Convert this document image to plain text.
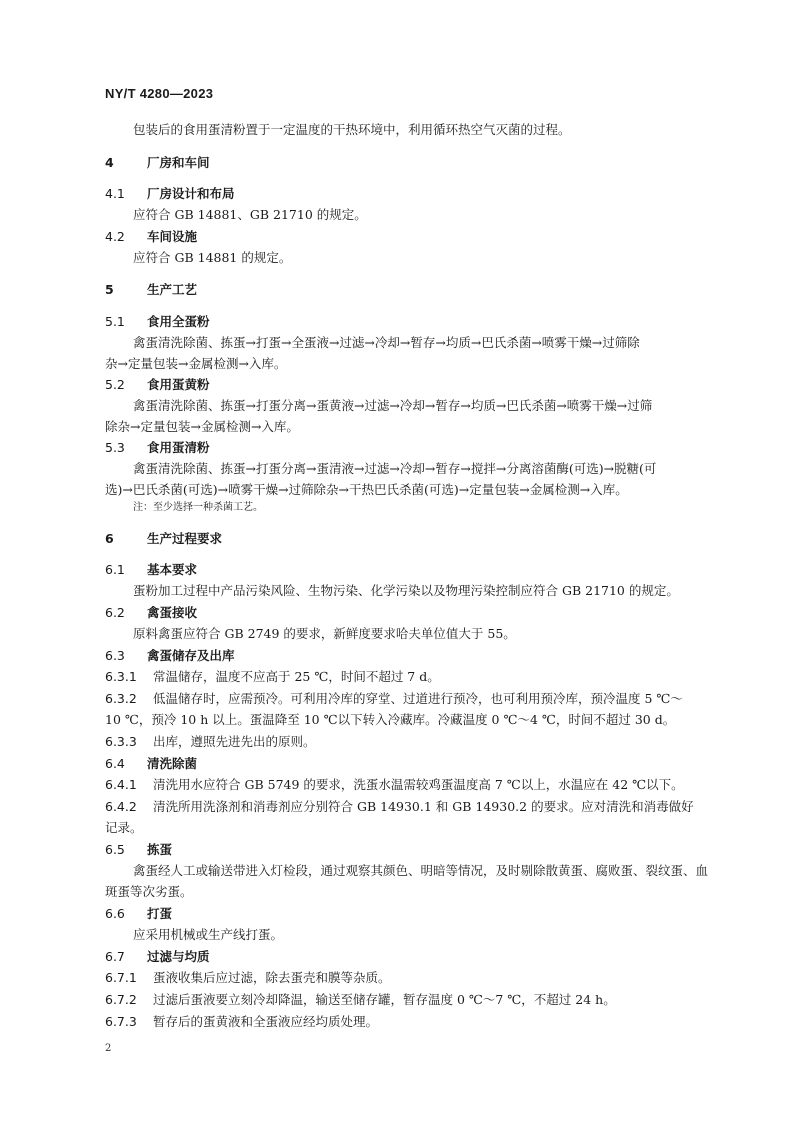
NY/T 4280—2023
包装后的食用蛋清粉置于一定温度的干热环境中，利用循环热空气灭菌的过程。
4	厂房和车间
4.1 厂房设计和布局
应符合 GB 14881、GB 21710 的规定。
4.2 车间设施
应符合 GB 14881 的规定。
5	生产工艺
5.1 食用全蛋粉
禽蛋清洗除菌、拣蛋→打蛋→全蛋液→过滤→冷却→暂存→均质→巴氏杀菌→喷雾干燥→过筛除
杂→定量包装→金属检测→入库。
5.2 食用蛋黄粉
禽蛋清洗除菌、拣蛋→打蛋分离→蛋黄液→过滤→冷却→暂存→均质→巴氏杀菌→喷雾干燥→过筛
除杂→定量包装→金属检测→入库。
5.3 食用蛋清粉
禽蛋清洗除菌、拣蛋→打蛋分离→蛋清液→过滤→冷却→暂存→搅拌→分离溶菌酶(可选)→脱糖(可
选)→巴氏杀菌(可选)→喷雾干燥→过筛除杂→干热巴氏杀菌(可选)→定量包装→金属检测→入库。
注：至少选择一种杀菌工艺。
6	生产过程要求
6.1 基本要求
蛋粉加工过程中产品污染风险、生物污染、化学污染以及物理污染控制应符合 GB 21710 的规定。
6.2 禽蛋接收
原料禽蛋应符合 GB 2749 的要求，新鲜度要求哈夫单位值大于 55。
6.3 禽蛋储存及出库
6.3.1 常温储存，温度不应高于 25 ℃，时间不超过 7 d。
6.3.2 低温储存时，应需预冷。可利用冷库的穿堂、过道进行预冷，也可利用预冷库，预冷温度 5 ℃～
10 ℃，预冷 10 h 以上。蛋温降至 10 ℃以下转入冷藏库。冷藏温度 0 ℃～4 ℃，时间不超过 30 d。
6.3.3 出库，遵照先进先出的原则。
6.4 清洗除菌
6.4.1 清洗用水应符合 GB 5749 的要求，洗蛋水温需较鸡蛋温度高 7 ℃以上，水温应在 42 ℃以下。
6.4.2 清洗所用洗涤剂和消毒剂应分别符合 GB 14930.1 和 GB 14930.2 的要求。应对清洗和消毒做好
记录。
6.5 拣蛋
禽蛋经人工或输送带进入灯检段，通过观察其颜色、明暗等情况，及时剔除散黄蛋、腐败蛋、裂纹蛋、血
斑蛋等次劣蛋。
6.6 打蛋
应采用机械或生产线打蛋。
6.7 过滤与均质
6.7.1 蛋液收集后应过滤，除去蛋壳和膜等杂质。
6.7.2 过滤后蛋液要立刻冷却降温，输送至储存罐，暂存温度 0 ℃～7 ℃，不超过 24 h。
6.7.3 暂存后的蛋黄液和全蛋液应经均质处理。
2
